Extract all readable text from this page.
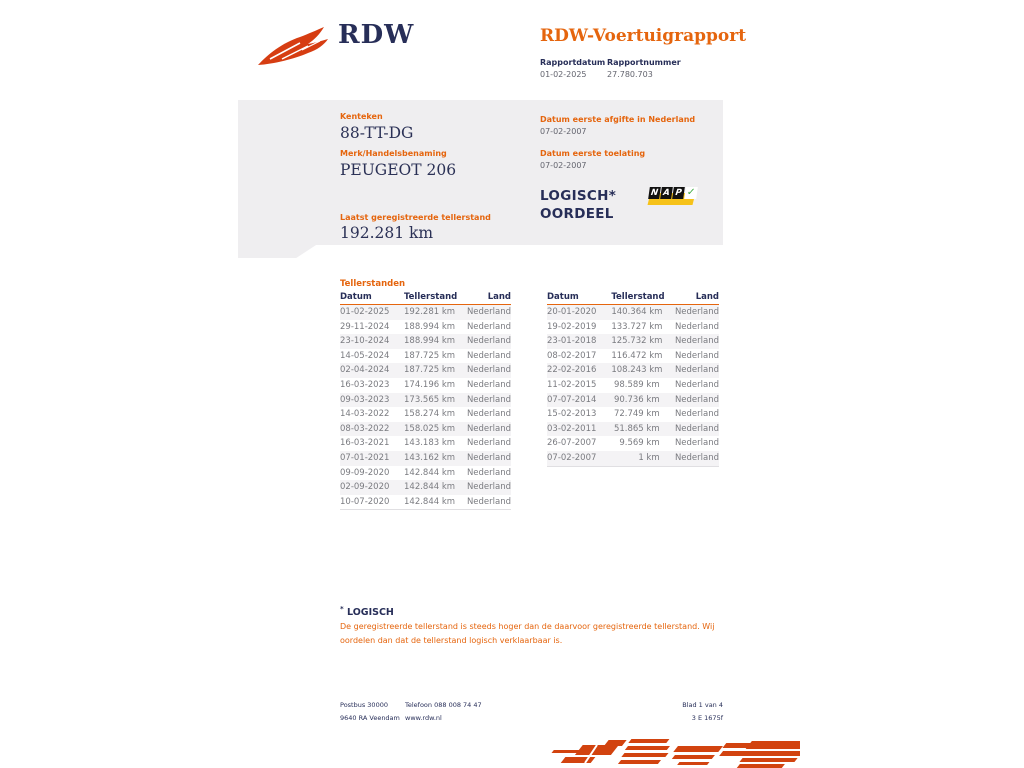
RDW	RDW-Voertuigrapport
Rapportdatum Rapportnummer
01-02-2025	27.780.703
Kenteken
88-TT-DG
Merk/Handelsbenaming
PEUGEOT 206
Laatst geregistreerde tellerstand
192.281 km
Datum eerste afgifte in Nederland
07-02-2007
Datum eerste toelating
07-02-2007
LOGISCH*
OORDEEL
N A P ✓
Tellerstanden
Datum	Tellerstand	Land
01-02-2025	192.281 km	Nederland
29-11-2024	188.994 km	Nederland
23-10-2024	188.994 km	Nederland
14-05-2024	187.725 km	Nederland
02-04-2024	187.725 km	Nederland
16-03-2023	174.196 km	Nederland
09-03-2023	173.565 km	Nederland
14-03-2022	158.274 km	Nederland
08-03-2022	158.025 km	Nederland
16-03-2021	143.183 km	Nederland
07-01-2021	143.162 km	Nederland
09-09-2020	142.844 km	Nederland
02-09-2020	142.844 km	Nederland
10-07-2020	142.844 km	Nederland
Datum	Tellerstand	Land
20-01-2020	140.364 km	Nederland
19-02-2019	133.727 km	Nederland
23-01-2018	125.732 km	Nederland
08-02-2017	116.472 km	Nederland
22-02-2016	108.243 km	Nederland
11-02-2015	98.589 km	Nederland
07-07-2014	90.736 km	Nederland
15-02-2013	72.749 km	Nederland
03-02-2011	51.865 km	Nederland
26-07-2007	9.569 km	Nederland
07-02-2007	1 km	Nederland
* LOGISCH
De geregistreerde tellerstand is steeds hoger dan de daarvoor geregistreerde tellerstand. Wij oordelen dan dat de tellerstand logisch verklaarbaar is.
Postbus 30000
9640 RA Veendam
Telefoon 088 008 74 47
www.rdw.nl
Blad 1 van 4
3 E 1675f
